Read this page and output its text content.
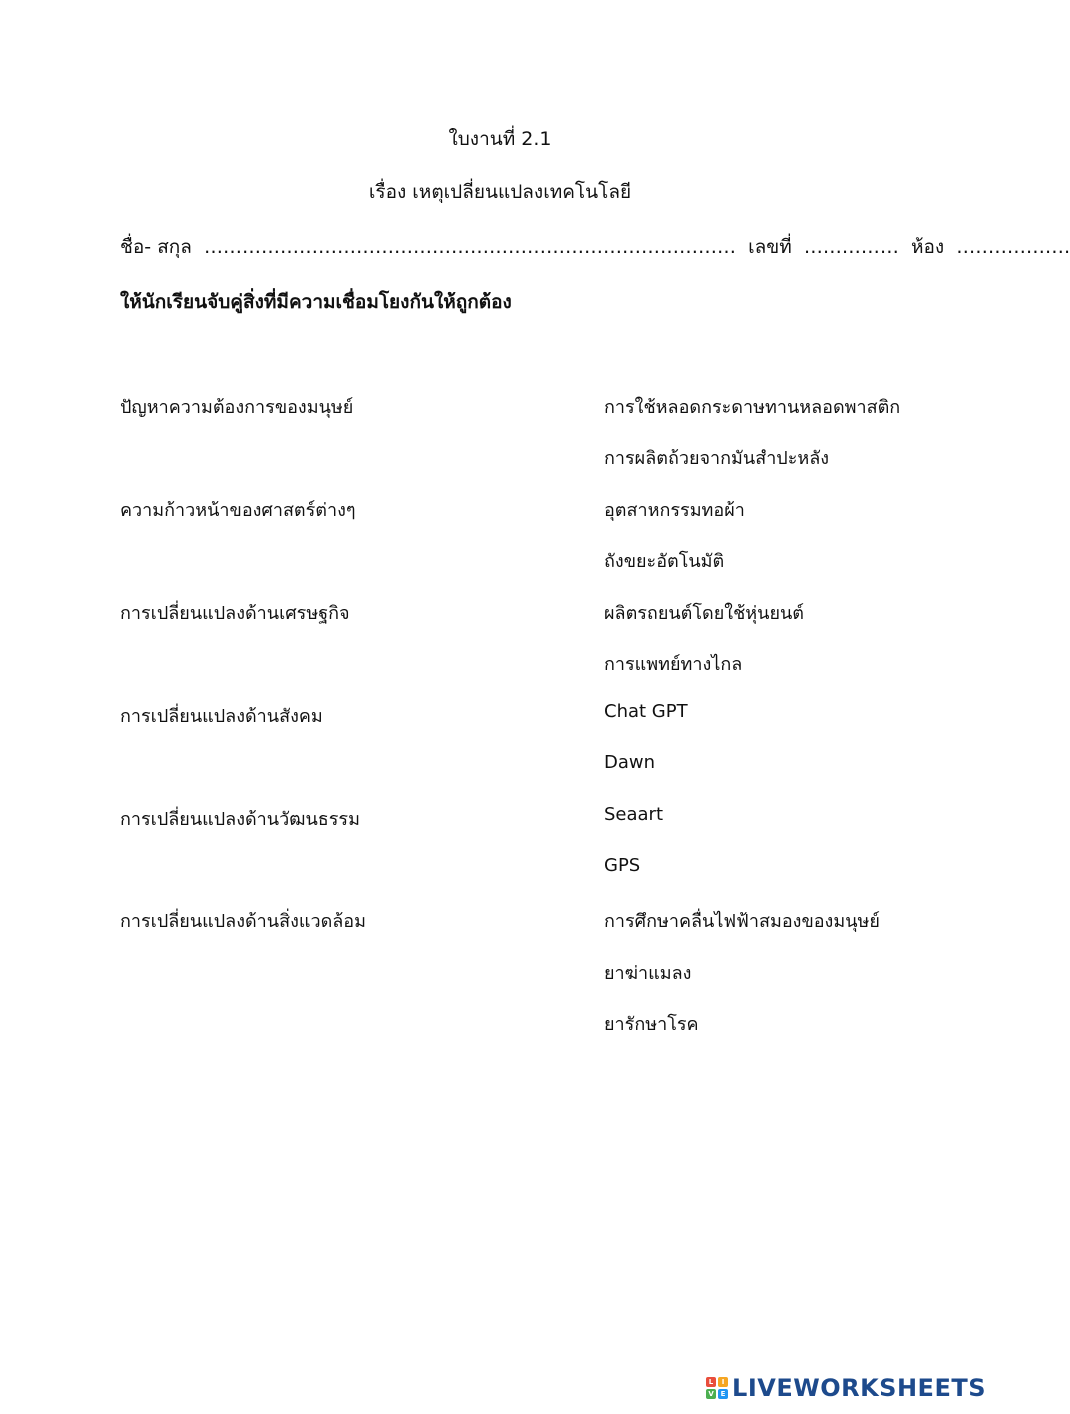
ใบงานที่ 2.1
เรื่อง เหตุเปลี่ยนแปลงเทคโนโลยี
ชื่อ- สกุล ………………………………………………………………………… เลขที่ …………… ห้อง ………………
ให้นักเรียนจับคู่สิ่งที่มีความเชื่อมโยงกันให้ถูกต้อง
ปัญหาความต้องการของมนุษย์
ความก้าวหน้าของศาสตร์ต่างๆ
การเปลี่ยนแปลงด้านเศรษฐกิจ
การเปลี่ยนแปลงด้านสังคม
การเปลี่ยนแปลงด้านวัฒนธรรม
การเปลี่ยนแปลงด้านสิ่งแวดล้อม
การใช้หลอดกระดาษทานหลอดพาสติก
การผลิตถ้วยจากมันสำปะหลัง
อุตสาหกรรมทอผ้า
ถังขยะอัตโนมัติ
ผลิตรถยนต์โดยใช้หุ่นยนต์
การแพทย์ทางไกล
Chat GPT
Dawn
Seaart
GPS
การศึกษาคลื่นไฟฟ้าสมองของมนุษย์
ยาฆ่าแมลง
ยารักษาโรค
L	I
V E LIVEWORKSHEETS
